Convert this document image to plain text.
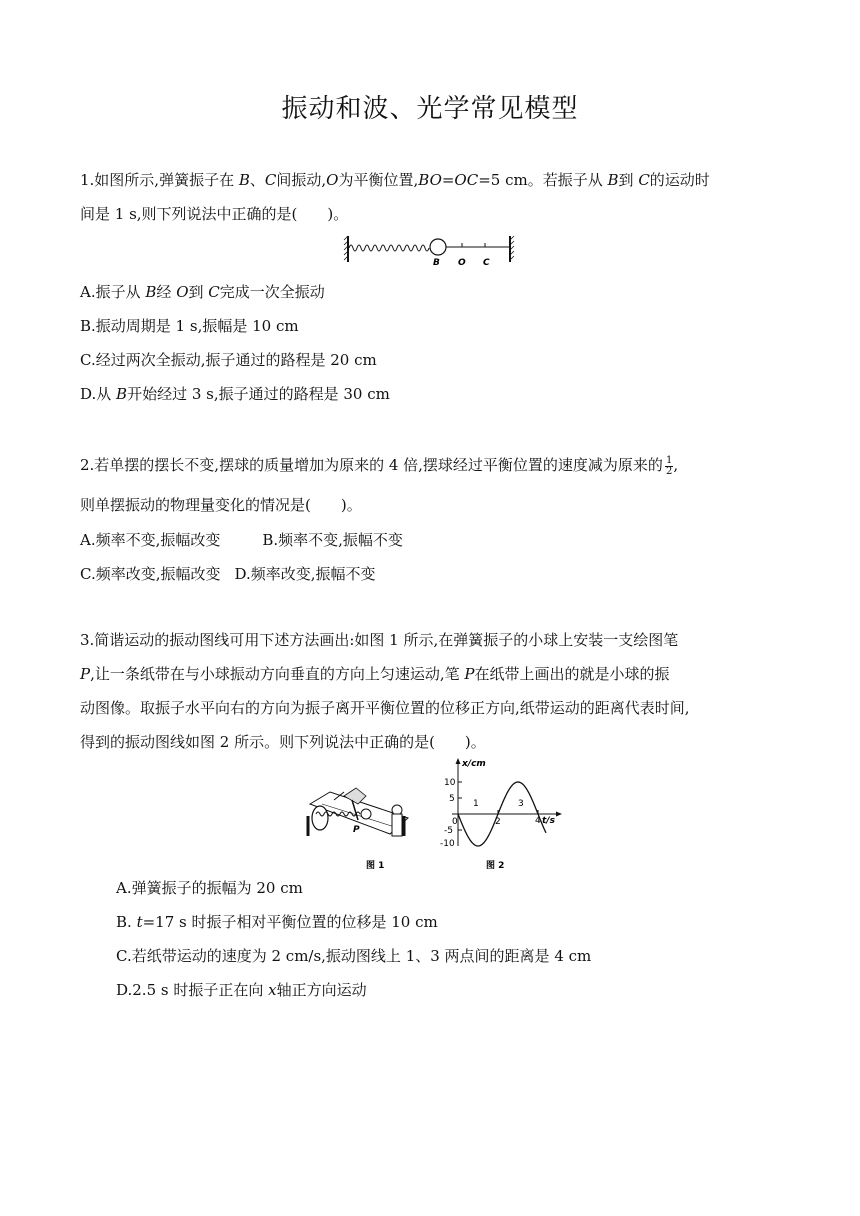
振动和波、光学常见模型
1.如图所示,弹簧振子在 B、C间振动,O为平衡位置,BO=OC=5 cm。若振子从 B到 C的运动时
间是 1 s,则下列说法中正确的是(　　)。
B O C
A.振子从 B经 O到 C完成一次全振动
B.振动周期是 1 s,振幅是 10 cm
C.经过两次全振动,振子通过的路程是 20 cm
D.从 B开始经过 3 s,振子通过的路程是 30 cm
2.若单摆的摆长不变,摆球的质量增加为原来的 4 倍,摆球经过平衡位置的速度减为原来的 $\frac{1}{2}$ ,
则单摆振动的物理量变化的情况是(　　)。
A.频率不变,振幅改变	B.频率不变,振幅不变
C.频率改变,振幅改变 D.频率改变,振幅不变
3.简谐运动的振动图线可用下述方法画出:如图 1 所示,在弹簧振子的小球上安装一支绘图笔
P,让一条纸带在与小球振动方向垂直的方向上匀速运动,笔 P在纸带上画出的就是小球的振
动图像。取振子水平向右的方向为振子离开平衡位置的位移正方向,纸带运动的距离代表时间,
得到的振动图线如图 2 所示。则下列说法中正确的是(　　)。
P
图 1
x/cm
t/s
10
5
0
-5
-10
2	4
1	3
图 2
A.弹簧振子的振幅为 20 cm
B. t=17 s 时振子相对平衡位置的位移是 10 cm
C.若纸带运动的速度为 2 cm/s,振动图线上 1、3 两点间的距离是 4 cm
D.2.5 s 时振子正在向 x轴正方向运动
